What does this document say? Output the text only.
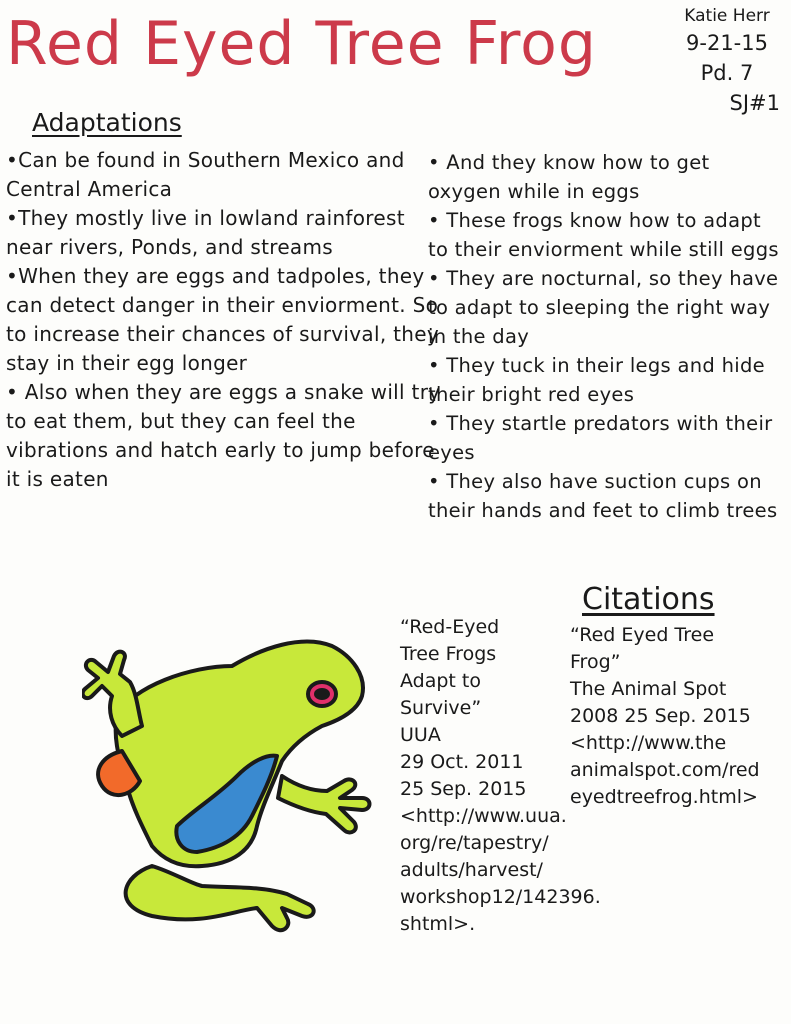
Red Eyed Tree Frog	Katie Herr
9-21-15
Pd. 7
SJ#1
Adaptations
•Can be found in Southern Mexico and Central America
•They mostly live in lowland rainforest near rivers, Ponds, and streams
•When they are eggs and tadpoles, they can detect danger in their enviorment. So to increase their chances of survival, they stay in their egg longer
• Also when they are eggs a snake will try to eat them, but they can feel the vibrations and hatch early to jump before it is eaten
• And they know how to get oxygen while in eggs
• These frogs know how to adapt to their enviorment while still eggs
• They are nocturnal, so they have to adapt to sleeping the right way in the day
• They tuck in their legs and hide their bright red eyes
• They startle predators with their eyes
• They also have suction cups on their hands and feet to climb trees
Citations
“Red-Eyed
Tree Frogs
Adapt to
Survive”
UUA
29 Oct. 2011
25 Sep. 2015
<http://www.uua.
org/re/tapestry/
adults/harvest/
workshop12/142396.
shtml>.
“Red Eyed Tree
Frog”
The Animal Spot
2008 25 Sep. 2015
<http://www.the
animalspot.com/red
eyedtreefrog.html>
